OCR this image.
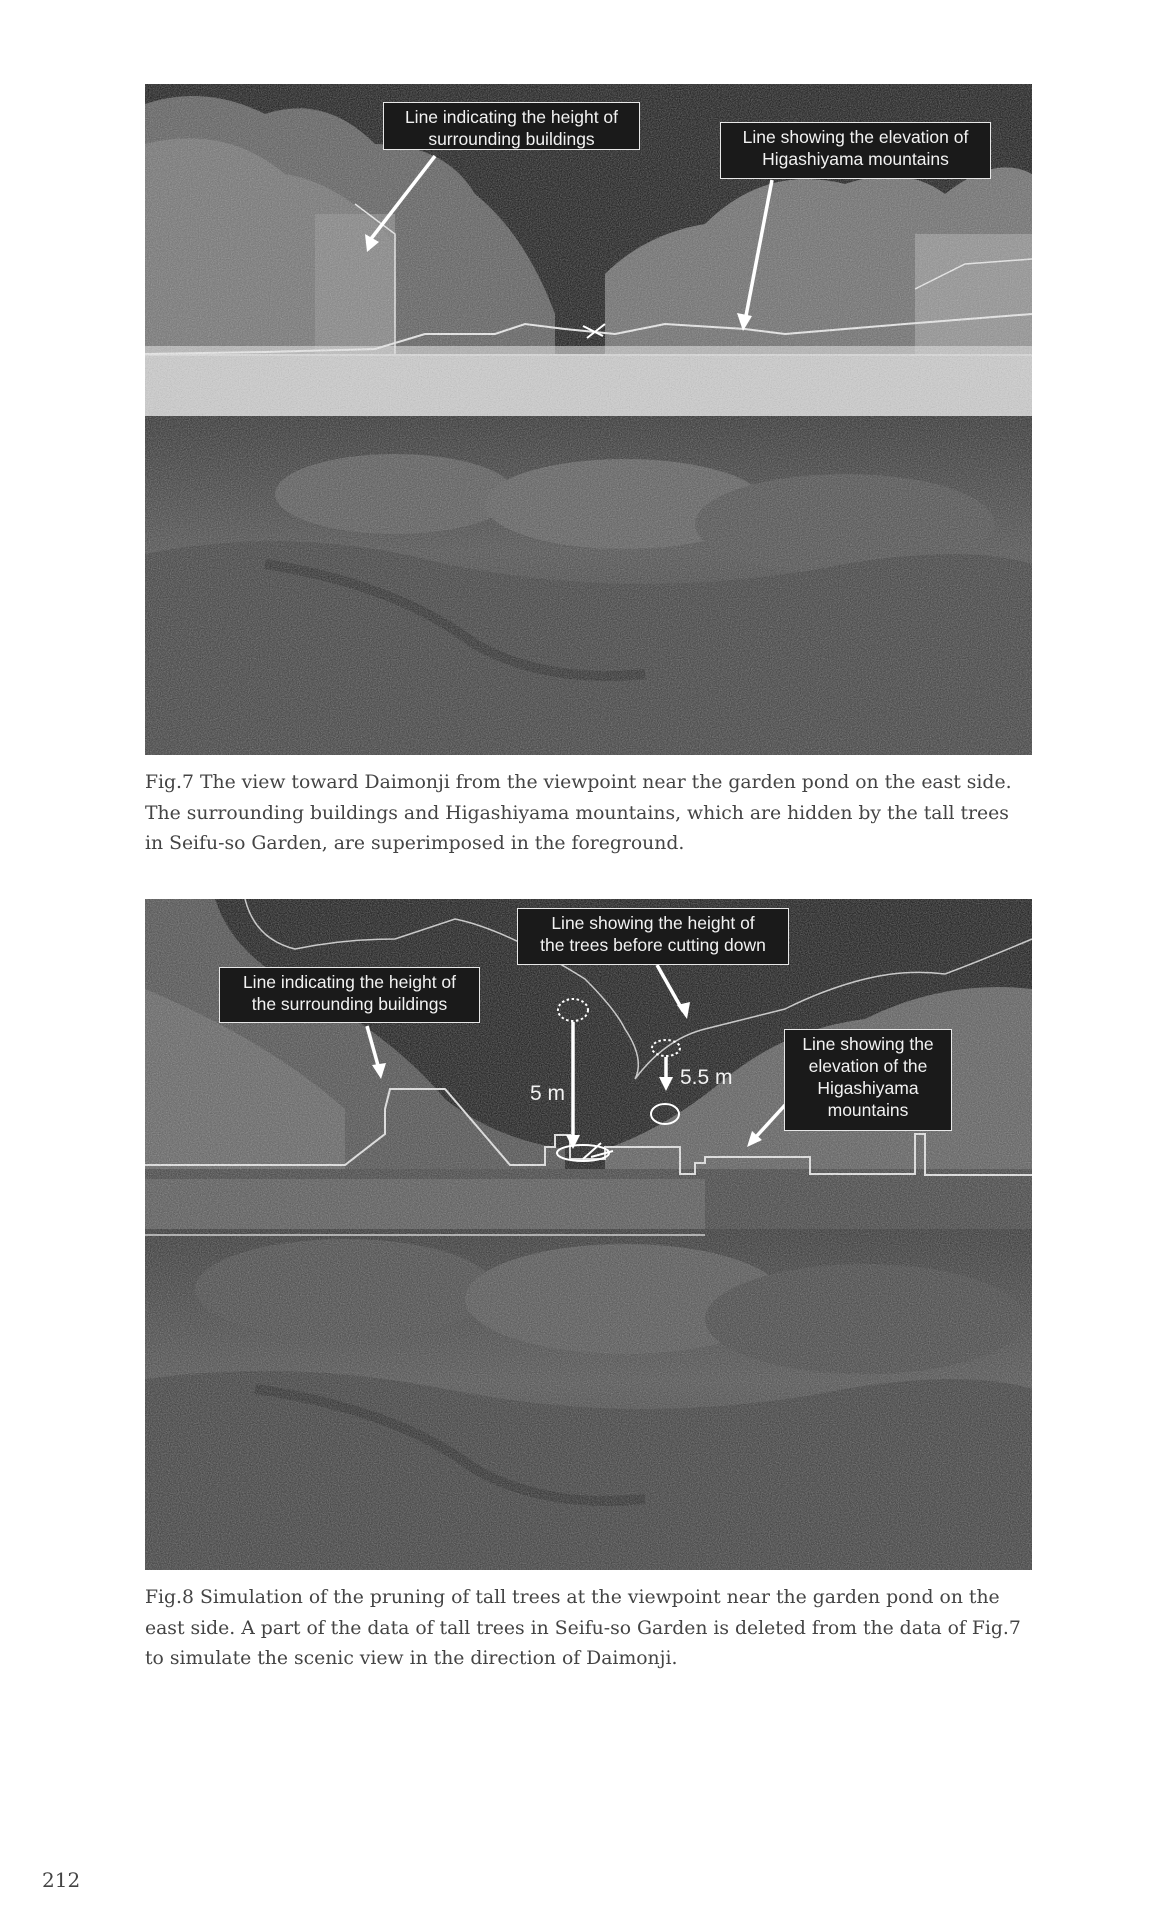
Line indicating the height of
surrounding buildings	Line showing the elevation of
Higashiyama mountains
Fig.7 The view toward Daimonji from the viewpoint near the garden pond on the east side. The surrounding buildings and Higashiyama mountains, which are hidden by the tall trees in Seifu-so Garden, are superimposed in the foreground.
Line showing the height of
the trees before cutting down
Line indicating the height of
the surrounding buildings
Line showing the
elevation of the
Higashiyama
mountains
5 m
5.5 m
Fig.8 Simulation of the pruning of tall trees at the viewpoint near the garden pond on the east side. A part of the data of tall trees in Seifu-so Garden is deleted from the data of Fig.7 to simulate the scenic view in the direction of Daimonji.
212
